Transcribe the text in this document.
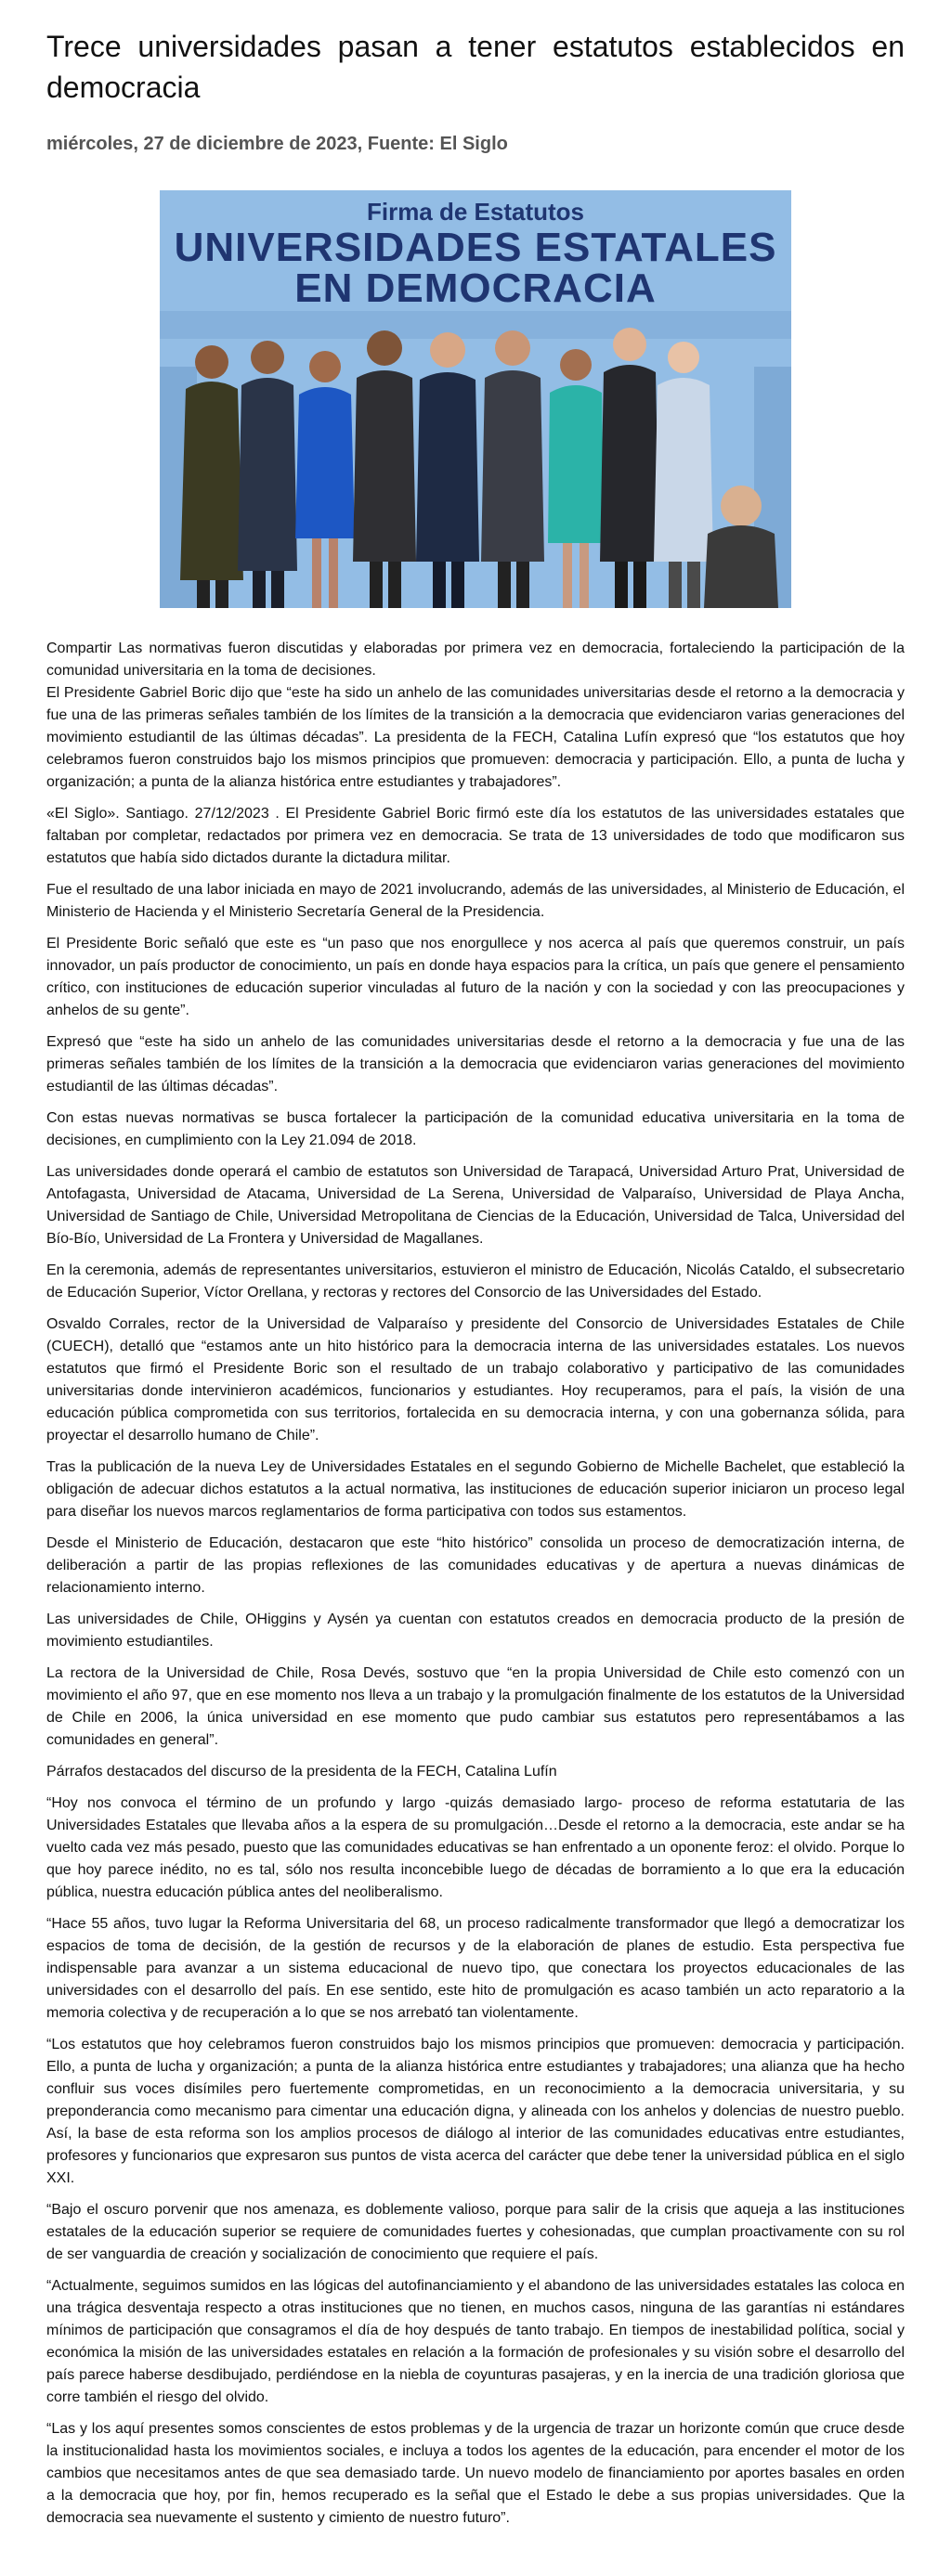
Trece universidades pasan a tener estatutos establecidos en democracia
miércoles, 27 de diciembre de 2023, Fuente: El Siglo
Firma de Estatutos
UNIVERSIDADES ESTATALES
EN DEMOCRACIA

Compartir Las normativas fueron discutidas y elaboradas por primera vez en democracia, fortaleciendo la participación de la comunidad universitaria en la toma de decisiones.

El Presidente Gabriel Boric dijo que “este ha sido un anhelo de las comunidades universitarias desde el retorno a la democracia y fue una de las primeras señales también de los límites de la transición a la democracia que evidenciaron varias generaciones del movimiento estudiantil de las últimas décadas”. La presidenta de la FECH, Catalina Lufín expresó que “los estatutos que hoy celebramos fueron construidos bajo los mismos principios que promueven: democracia y participación. Ello, a punta de lucha y organización; a punta de la alianza histórica entre estudiantes y trabajadores”.

«El Siglo». Santiago. 27/12/2023 . El Presidente Gabriel Boric firmó este día los estatutos de las universidades estatales que faltaban por completar, redactados por primera vez en democracia. Se trata de 13 universidades de todo que modificaron sus estatutos que había sido dictados durante la dictadura militar.

Fue el resultado de una labor iniciada en mayo de 2021 involucrando, además de las universidades, al Ministerio de Educación, el Ministerio de Hacienda y el Ministerio Secretaría General de la Presidencia.

El Presidente Boric señaló que este es “un paso que nos enorgullece y nos acerca al país que queremos construir, un país innovador, un país productor de conocimiento, un país en donde haya espacios para la crítica, un país que genere el pensamiento crítico, con instituciones de educación superior vinculadas al futuro de la nación y con la sociedad y con las preocupaciones y anhelos de su gente”.

Expresó que “este ha sido un anhelo de las comunidades universitarias desde el retorno a la democracia y fue una de las primeras señales también de los límites de la transición a la democracia que evidenciaron varias generaciones del movimiento estudiantil de las últimas décadas”.

Con estas nuevas normativas se busca fortalecer la participación de la comunidad educativa universitaria en la toma de decisiones, en cumplimiento con la Ley 21.094 de 2018.

Las universidades donde operará el cambio de estatutos son Universidad de Tarapacá, Universidad Arturo Prat, Universidad de Antofagasta, Universidad de Atacama, Universidad de La Serena, Universidad de Valparaíso, Universidad de Playa Ancha, Universidad de Santiago de Chile, Universidad Metropolitana de Ciencias de la Educación, Universidad de Talca, Universidad del Bío-Bío, Universidad de La Frontera y Universidad de Magallanes.

En la ceremonia, además de representantes universitarios, estuvieron el ministro de Educación, Nicolás Cataldo, el subsecretario de Educación Superior, Víctor Orellana, y rectoras y rectores del Consorcio de las Universidades del Estado.

Osvaldo Corrales, rector de la Universidad de Valparaíso y presidente del Consorcio de Universidades Estatales de Chile (CUECH), detalló que “estamos ante un hito histórico para la democracia interna de las universidades estatales. Los nuevos estatutos que firmó el Presidente Boric son el resultado de un trabajo colaborativo y participativo de las comunidades universitarias donde intervinieron académicos, funcionarios y estudiantes. Hoy recuperamos, para el país, la visión de una educación pública comprometida con sus territorios, fortalecida en su democracia interna, y con una gobernanza sólida, para proyectar el desarrollo humano de Chile”.

Tras la publicación de la nueva Ley de Universidades Estatales en el segundo Gobierno de Michelle Bachelet, que estableció la obligación de adecuar dichos estatutos a la actual normativa, las instituciones de educación superior iniciaron un proceso legal para diseñar los nuevos marcos reglamentarios de forma participativa con todos sus estamentos.

Desde el Ministerio de Educación, destacaron que este “hito histórico” consolida un proceso de democratización interna, de deliberación a partir de las propias reflexiones de las comunidades educativas y de apertura a nuevas dinámicas de relacionamiento interno.

Las universidades de Chile, OHiggins y Aysén ya cuentan con estatutos creados en democracia producto de la presión de movimiento estudiantiles.

La rectora de la Universidad de Chile, Rosa Devés, sostuvo que “en la propia Universidad de Chile esto comenzó con un movimiento el año 97, que en ese momento nos lleva a un trabajo y la promulgación finalmente de los estatutos de la Universidad de Chile en 2006, la única universidad en ese momento que pudo cambiar sus estatutos pero representábamos a las comunidades en general”.

Párrafos destacados del discurso de la presidenta de la FECH, Catalina Lufín

“Hoy nos convoca el término de un profundo y largo -quizás demasiado largo- proceso de reforma estatutaria de las Universidades Estatales que llevaba años a la espera de su promulgación…Desde el retorno a la democracia, este andar se ha vuelto cada vez más pesado, puesto que las comunidades educativas se han enfrentado a un oponente feroz: el olvido. Porque lo que hoy parece inédito, no es tal, sólo nos resulta inconcebible luego de décadas de borramiento a lo que era la educación pública, nuestra educación pública antes del neoliberalismo.

“Hace 55 años, tuvo lugar la Reforma Universitaria del 68, un proceso radicalmente transformador que llegó a democratizar los espacios de toma de decisión, de la gestión de recursos y de la elaboración de planes de estudio. Esta perspectiva fue indispensable para avanzar a un sistema educacional de nuevo tipo, que conectara los proyectos educacionales de las universidades con el desarrollo del país. En ese sentido, este hito de promulgación es acaso también un acto reparatorio a la memoria colectiva y de recuperación a lo que se nos arrebató tan violentamente.

“Los estatutos que hoy celebramos fueron construidos bajo los mismos principios que promueven: democracia y participación. Ello, a punta de lucha y organización; a punta de la alianza histórica entre estudiantes y trabajadores; una alianza que ha hecho confluir sus voces disímiles pero fuertemente comprometidas, en un reconocimiento a la democracia universitaria, y su preponderancia como mecanismo para cimentar una educación digna, y alineada con los anhelos y dolencias de nuestro pueblo. Así, la base de esta reforma son los amplios procesos de diálogo al interior de las comunidades educativas entre estudiantes, profesores y funcionarios que expresaron sus puntos de vista acerca del carácter que debe tener la universidad pública en el siglo XXI.

“Bajo el oscuro porvenir que nos amenaza, es doblemente valioso, porque para salir de la crisis que aqueja a las instituciones estatales de la educación superior se requiere de comunidades fuertes y cohesionadas, que cumplan proactivamente con su rol de ser vanguardia de creación y socialización de conocimiento que requiere el país.

“Actualmente, seguimos sumidos en las lógicas del autofinanciamiento y el abandono de las universidades estatales las coloca en una trágica desventaja respecto a otras instituciones que no tienen, en muchos casos, ninguna de las garantías ni estándares mínimos de participación que consagramos el día de hoy después de tanto trabajo. En tiempos de inestabilidad política, social y económica la misión de las universidades estatales en relación a la formación de profesionales y su visión sobre el desarrollo del país parece haberse desdibujado, perdiéndose en la niebla de coyunturas pasajeras, y en la inercia de una tradición gloriosa que corre también el riesgo del olvido.

“Las y los aquí presentes somos conscientes de estos problemas y de la urgencia de trazar un horizonte común que cruce desde la institucionalidad hasta los movimientos sociales, e incluya a todos los agentes de la educación, para encender el motor de los cambios que necesitamos antes de que sea demasiado tarde. Un nuevo modelo de financiamiento por aportes basales en orden a la democracia que hoy, por fin, hemos recuperado es la señal que el Estado le debe a sus propias universidades. Que la democracia sea nuevamente el sustento y cimiento de nuestro futuro”.
